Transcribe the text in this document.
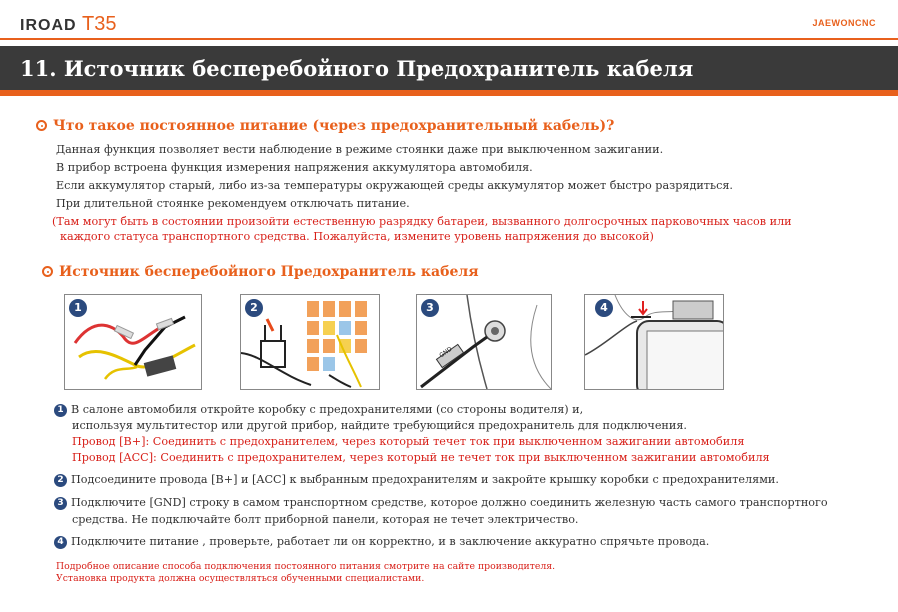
IROAD T35	JAEWONCNC
11. Источник бесперебойного Предохранитель кабеля
Что такое постоянное питание (через предохранительный кабель)?
Данная функция позволяет вести наблюдение в режиме стоянки даже при выключенном зажигании.
В прибор встроена функция измерения напряжения аккумулятора автомобиля.
Если аккумулятор старый, либо из-за температуры окружающей среды аккумулятор может быстро разрядиться.
При длительной стоянке рекомендуем отключать питание.
(Там могут быть в состоянии произойти естественную разрядку батареи, вызванного долгосрочных парковочных часов или
каждого статуса транспортного средства. Пожалуйста, измените уровень напряжения до высокой)
Источник бесперебойного Предохранитель кабеля
1	2
GND
3	4
1 В салоне автомобиля откройте коробку с предохранителями (со стороны водителя) и,
используя мультитестор или другой прибор, найдите требующийся предохранитель для подключения.
Провод [B+]: Соединить с предохранителем, через который течет ток при выключенном зажигании автомобиля
Провод [ACC]: Соединить с предохранителем, через который не течет ток при выключенном зажигании автомобиля
2 Подсоедините провода [B+] и [ACC] к выбранным предохранителям и закройте крышку коробки с предохранителями.
3 Подключите [GND] строку в самом транспортном средстве, которое должно соединить железную часть самого транспортного
средства. Не подключайте болт приборной панели, которая не течет электричество.
4 Подключите питание , проверьте, работает ли он корректно, и в заключение аккуратно спрячьте провода.
Подробное описание способа подключения постоянного питания смотрите на сайте производителя.
Установка продукта должна осуществляться обученными специалистами.
